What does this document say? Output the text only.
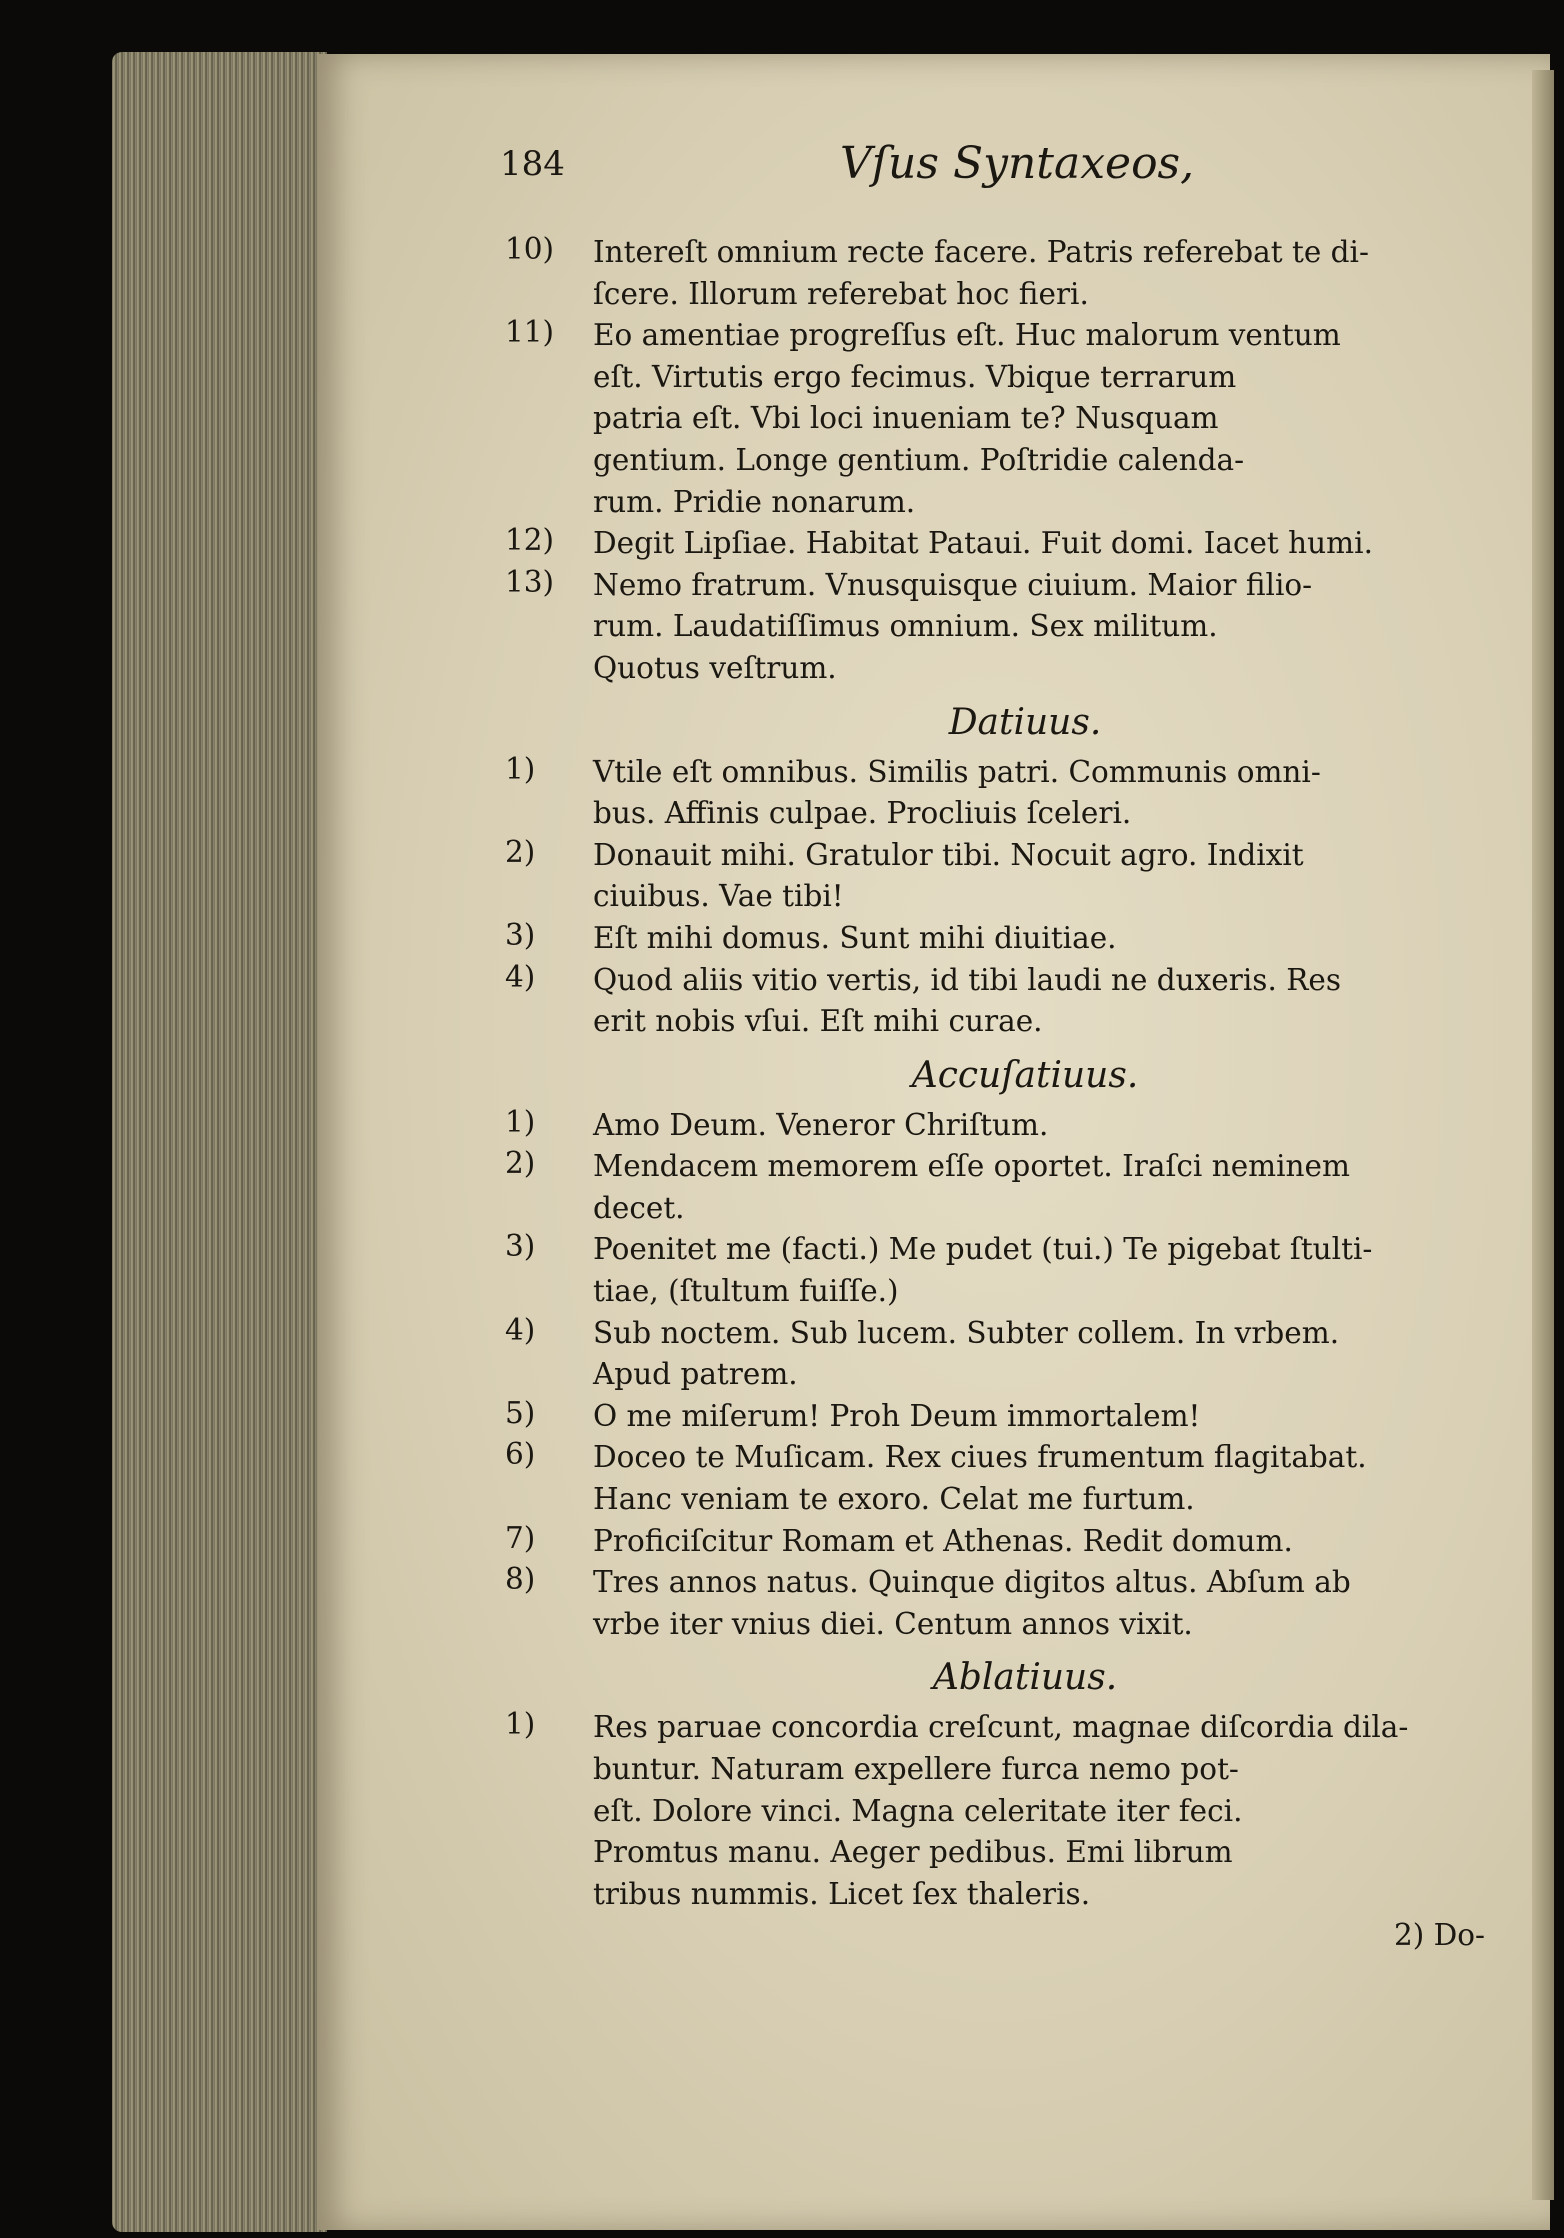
184	Vſus Syntaxeos,
10) Intereſt omnium recte facere. Patris referebat te di-
ſcere. Illorum referebat hoc fieri.
11) Eo amentiae progreſſus eſt. Huc malorum ventum
eſt. Virtutis ergo fecimus. Vbique terrarum
patria eſt. Vbi loci inueniam te? Nusquam
gentium. Longe gentium. Poſtridie calenda-
rum. Pridie nonarum.
12) Degit Lipſiae. Habitat Pataui. Fuit domi. Iacet humi.
13) Nemo fratrum. Vnusquisque ciuium. Maior filio-
rum. Laudatiſſimus omnium. Sex militum.
Quotus veſtrum.
Datiuus.
1) Vtile eſt omnibus. Similis patri. Communis omni-
bus. Affinis culpae. Procliuis ſceleri.
2) Donauit mihi. Gratulor tibi. Nocuit agro. Indixit
ciuibus. Vae tibi!
3) Eſt mihi domus. Sunt mihi diuitiae.
4) Quod aliis vitio vertis, id tibi laudi ne duxeris. Res
erit nobis vſui. Eſt mihi curae.
Accuſatiuus.
1) Amo Deum. Veneror Chriſtum.
2) Mendacem memorem eſſe oportet. Iraſci neminem
decet.
3) Poenitet me (facti.) Me pudet (tui.) Te pigebat ſtulti-
tiae, (ſtultum fuiſſe.)
4) Sub noctem. Sub lucem. Subter collem. In vrbem.
Apud patrem.
5) O me miſerum! Proh Deum immortalem!
6) Doceo te Muſicam. Rex ciues frumentum flagitabat.
Hanc veniam te exoro. Celat me furtum.
7) Proficiſcitur Romam et Athenas. Redit domum.
8) Tres annos natus. Quinque digitos altus. Abſum ab
vrbe iter vnius diei. Centum annos vixit.
Ablatiuus.
1) Res paruae concordia creſcunt, magnae diſcordia dila-
buntur. Naturam expellere furca nemo pot-
eſt. Dolore vinci. Magna celeritate iter feci.
Promtus manu. Aeger pedibus. Emi librum
tribus nummis. Licet ſex thaleris.
2) Do-
